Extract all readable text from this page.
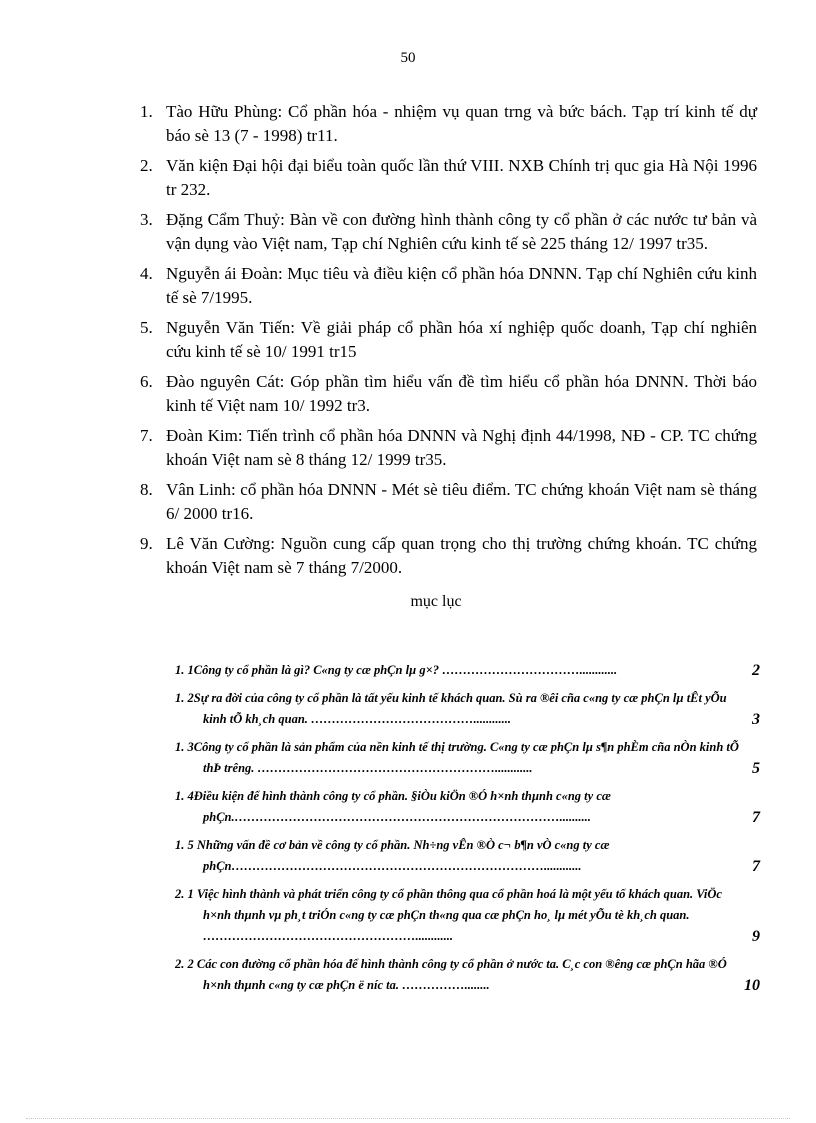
50
1. Tào Hữu Phùng: Cổ phần hóa - nhiệm vụ quan trng và bức bách. Tạp trí kinh tế dự báo sè 13 (7 - 1998) tr11.
2. Văn kiện Đại hội đại biểu toàn quốc lần thứ VIII. NXB Chính trị quc gia Hà Nội 1996 tr 232.
3. Đặng Cẩm Thuỷ: Bàn về con đường hình thành công ty cổ phần ở các nước tư bản và vận dụng vào Việt nam, Tạp chí Nghiên cứu kinh tế sè 225 tháng 12/ 1997 tr35.
4. Nguyễn ái Đoàn: Mục tiêu và điều kiện cổ phần hóa DNNN. Tạp chí Nghiên cứu kinh tế sè 7/1995.
5. Nguyễn Văn Tiến: Về giải pháp cổ phần hóa xí nghiệp quốc doanh, Tạp chí nghiên cứu kinh tế sè 10/ 1991 tr15
6. Đào nguyên Cát: Góp phần tìm hiểu vấn đề tìm hiểu cổ phần hóa DNNN. Thời báo kinh tế Việt nam 10/ 1992 tr3.
7. Đoàn Kim: Tiến trình cổ phần hóa DNNN và Nghị định 44/1998, NĐ - CP. TC chứng khoán Việt nam sè 8 tháng 12/ 1999 tr35.
8. Vân Linh: cổ phần hóa DNNN - Mét sè tiêu điểm. TC chứng khoán Việt nam sè tháng 6/ 2000 tr16.
9. Lê Văn Cường: Nguồn cung cấp quan trọng cho thị trường chứng khoán. TC chứng khoán Việt nam sè 7 tháng 7/2000.
mục lục
1. 1Công ty cổ phần là gì? C«ng ty cæ phÇn lµ g×? ……………………………............	2
1. 2Sự ra đời của công ty cổ phần là tất yếu kinh tế khách quan. Sù ra ®êi cña c«ng ty cæ phÇn lµ tÊt yÕu kinh tÕ kh¸ch quan. …………………………………............	3
1. 3Công ty cổ phần là sản phẩm của nền kinh tế thị trường. C«ng ty cæ phÇn lµ s¶n phÈm cña nÒn kinh tÕ thÞ trêng. …………………………………………………............	5
1. 4Điều kiện để hình thành công ty cổ phần. §iÒu kiÖn ®Ó h×nh thµnh c«ng ty cæ phÇn.……………………………………………………………………..........	7
1. 5 Những vấn đề cơ bản về công ty cổ phần. Nh÷ng vÊn ®Ò c¬ b¶n vÒ c«ng ty cæ phÇn…………………………………………………………………............	7
2. 1 Việc hình thành và phát triển công ty cổ phần thông qua cổ phần hoá là một yếu tố khách quan. ViÖc h×nh thµnh vµ ph¸t triÓn c«ng ty cæ phÇn th«ng qua cæ phÇn ho¸ lµ mét yÕu tè kh¸ch quan. ……………………………………………............	9
2. 2 Các con đường cổ phần hóa để hình thành công ty cổ phần ở nước ta. C¸c con ®êng cæ phÇn hãa ®Ó h×nh thµnh c«ng ty cæ phÇn ë níc ta. ……………........	10
